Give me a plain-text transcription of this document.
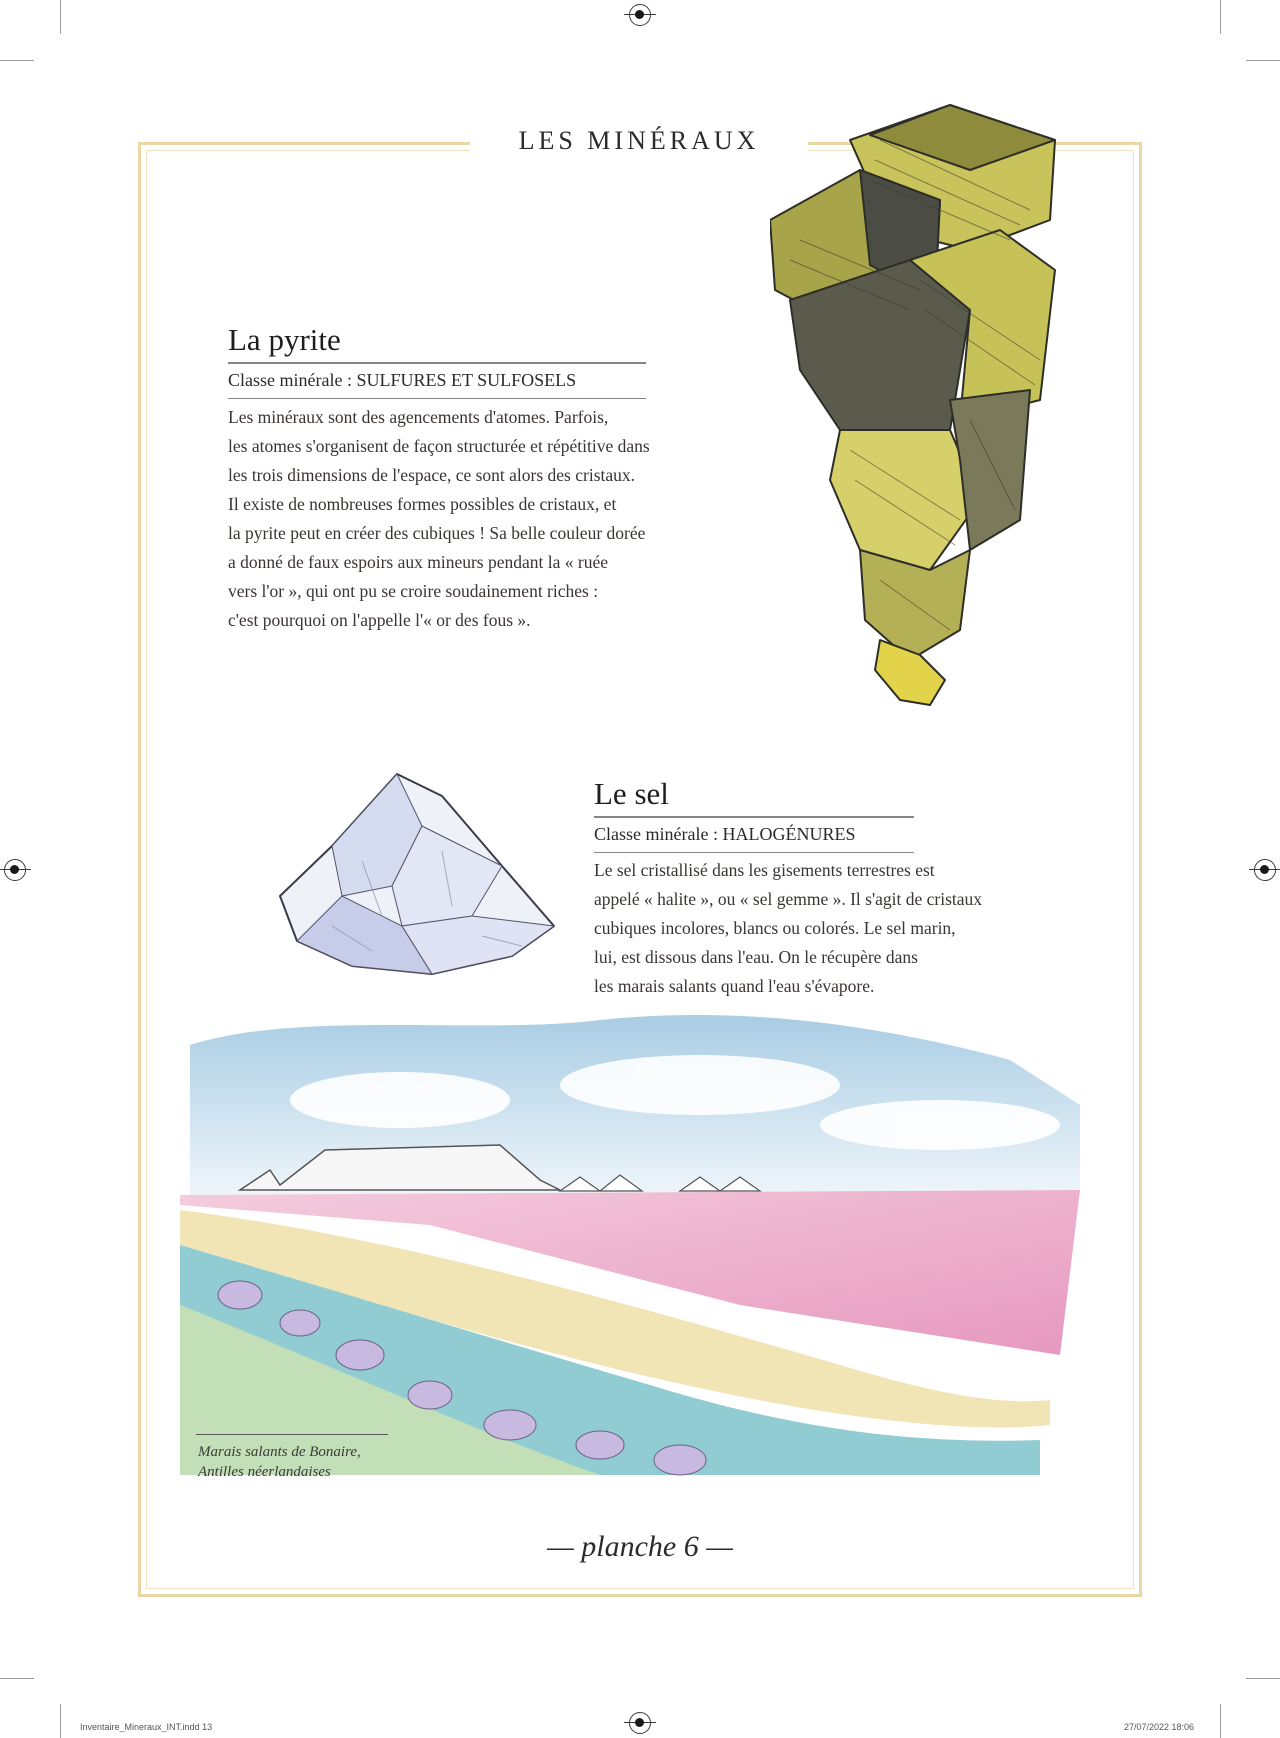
LES MINÉRAUX
La pyrite
Classe minérale : SULFURES ET SULFOSELS
Les minéraux sont des agencements d'atomes. Parfois,
les atomes s'organisent de façon structurée et répétitive dans
les trois dimensions de l'espace, ce sont alors des cristaux.
Il existe de nombreuses formes possibles de cristaux, et
la pyrite peut en créer des cubiques ! Sa belle couleur dorée
a donné de faux espoirs aux mineurs pendant la « ruée
vers l'or », qui ont pu se croire soudainement riches :
c'est pourquoi on l'appelle l'« or des fous ».
Le sel
Classe minérale : HALOGÉNURES
Le sel cristallisé dans les gisements terrestres est
appelé « halite », ou « sel gemme ». Il s'agit de cristaux
cubiques incolores, blancs ou colorés. Le sel marin,
lui, est dissous dans l'eau. On le récupère dans
les marais salants quand l'eau s'évapore.
Marais salants de Bonaire,
Antilles néerlandaises
— planche 6 —
Inventaire_Mineraux_INT.indd 13	27/07/2022 18:06
